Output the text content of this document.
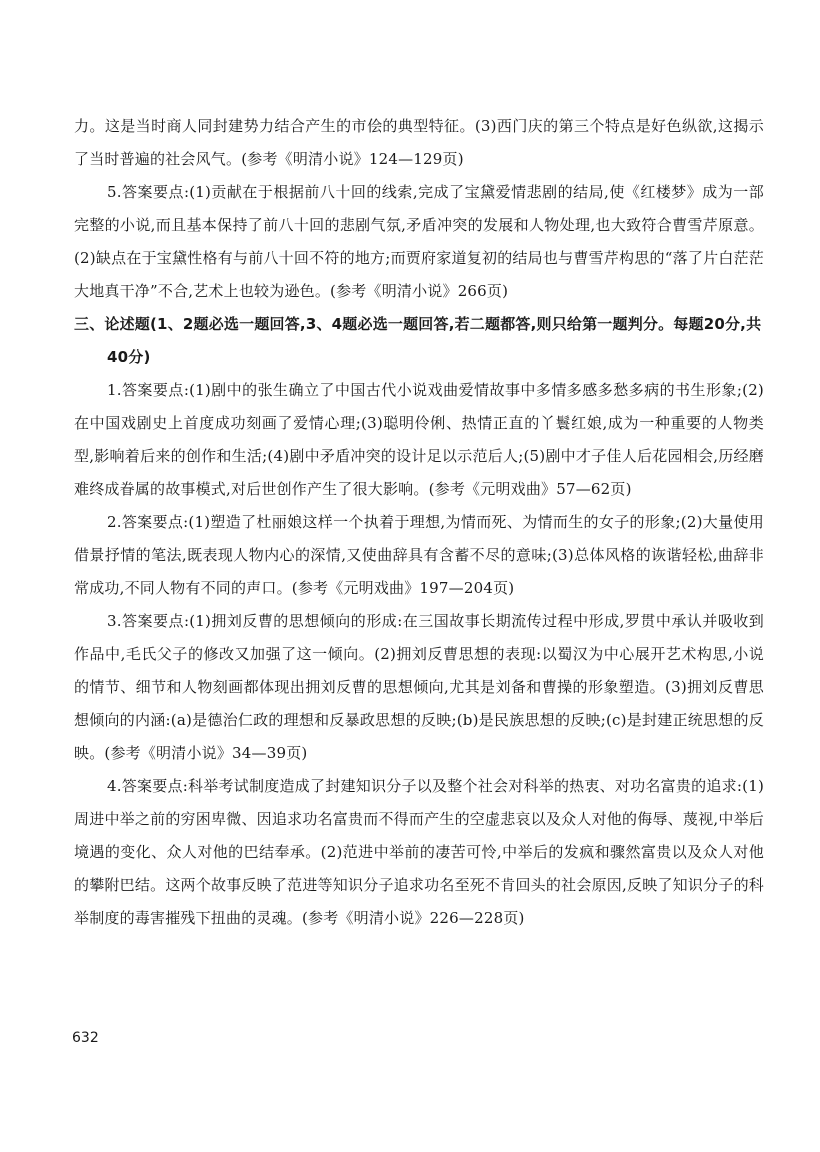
力。这是当时商人同封建势力结合产生的市侩的典型特征。(3)西门庆的第三个特点是好色纵欲,这揭示了当时普遍的社会风气。(参考《明清小说》124—129页)

5.答案要点:(1)贡献在于根据前八十回的线索,完成了宝黛爱情悲剧的结局,使《红楼梦》成为一部完整的小说,而且基本保持了前八十回的悲剧气氛,矛盾冲突的发展和人物处理,也大致符合曹雪芹原意。(2)缺点在于宝黛性格有与前八十回不符的地方;而贾府家道复初的结局也与曹雪芹构思的“落了片白茫茫大地真干净”不合,艺术上也较为逊色。(参考《明清小说》266页)

三、论述题(1、2题必选一题回答,3、4题必选一题回答,若二题都答,则只给第一题判分。每题20分,共40分)

1.答案要点:(1)剧中的张生确立了中国古代小说戏曲爱情故事中多情多感多愁多病的书生形象;(2)在中国戏剧史上首度成功刻画了爱情心理;(3)聪明伶俐、热情正直的丫鬟红娘,成为一种重要的人物类型,影响着后来的创作和生活;(4)剧中矛盾冲突的设计足以示范后人;(5)剧中才子佳人后花园相会,历经磨难终成眷属的故事模式,对后世创作产生了很大影响。(参考《元明戏曲》57—62页)

2.答案要点:(1)塑造了杜丽娘这样一个执着于理想,为情而死、为情而生的女子的形象;(2)大量使用借景抒情的笔法,既表现人物内心的深情,又使曲辞具有含蓄不尽的意味;(3)总体风格的诙谐轻松,曲辞非常成功,不同人物有不同的声口。(参考《元明戏曲》197—204页)

3.答案要点:(1)拥刘反曹的思想倾向的形成:在三国故事长期流传过程中形成,罗贯中承认并吸收到作品中,毛氏父子的修改又加强了这一倾向。(2)拥刘反曹思想的表现:以蜀汉为中心展开艺术构思,小说的情节、细节和人物刻画都体现出拥刘反曹的思想倾向,尤其是刘备和曹操的形象塑造。(3)拥刘反曹思想倾向的内涵:(a)是德治仁政的理想和反暴政思想的反映;(b)是民族思想的反映;(c)是封建正统思想的反映。(参考《明清小说》34—39页)

4.答案要点:科举考试制度造成了封建知识分子以及整个社会对科举的热衷、对功名富贵的追求:(1)周进中举之前的穷困卑微、因追求功名富贵而不得而产生的空虚悲哀以及众人对他的侮辱、蔑视,中举后境遇的变化、众人对他的巴结奉承。(2)范进中举前的凄苦可怜,中举后的发疯和骤然富贵以及众人对他的攀附巴结。这两个故事反映了范进等知识分子追求功名至死不肯回头的社会原因,反映了知识分子的科举制度的毒害摧残下扭曲的灵魂。(参考《明清小说》226—228页)

632
